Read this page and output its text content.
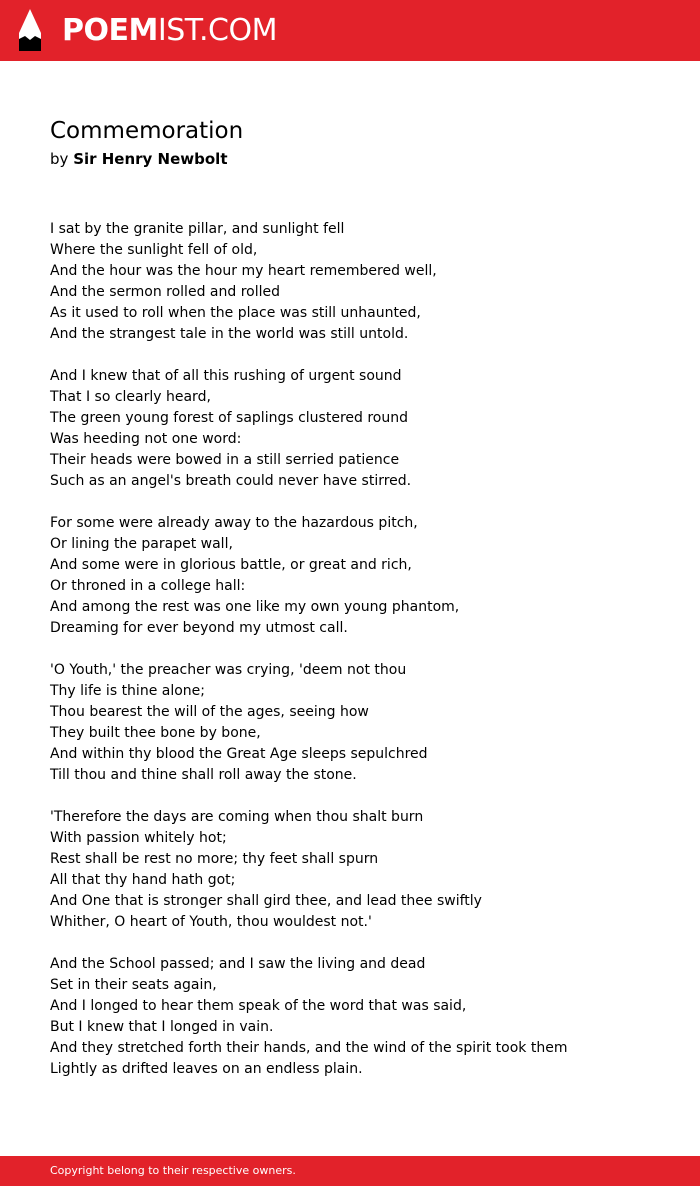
POEMIST.COM
Commemoration
by Sir Henry Newbolt
I sat by the granite pillar, and sunlight fell
Where the sunlight fell of old,
And the hour was the hour my heart remembered well,
And the sermon rolled and rolled
As it used to roll when the place was still unhaunted,
And the strangest tale in the world was still untold.
And I knew that of all this rushing of urgent sound
That I so clearly heard,
The green young forest of saplings clustered round
Was heeding not one word:
Their heads were bowed in a still serried patience
Such as an angel's breath could never have stirred.
For some were already away to the hazardous pitch,
Or lining the parapet wall,
And some were in glorious battle, or great and rich,
Or throned in a college hall:
And among the rest was one like my own young phantom,
Dreaming for ever beyond my utmost call.
'O Youth,' the preacher was crying, 'deem not thou
Thy life is thine alone;
Thou bearest the will of the ages, seeing how
They built thee bone by bone,
And within thy blood the Great Age sleeps sepulchred
Till thou and thine shall roll away the stone.
'Therefore the days are coming when thou shalt burn
With passion whitely hot;
Rest shall be rest no more; thy feet shall spurn
All that thy hand hath got;
And One that is stronger shall gird thee, and lead thee swiftly
Whither, O heart of Youth, thou wouldest not.'
And the School passed; and I saw the living and dead
Set in their seats again,
And I longed to hear them speak of the word that was said,
But I knew that I longed in vain.
And they stretched forth their hands, and the wind of the spirit took them
Lightly as drifted leaves on an endless plain.
Copyright belong to their respective owners.
